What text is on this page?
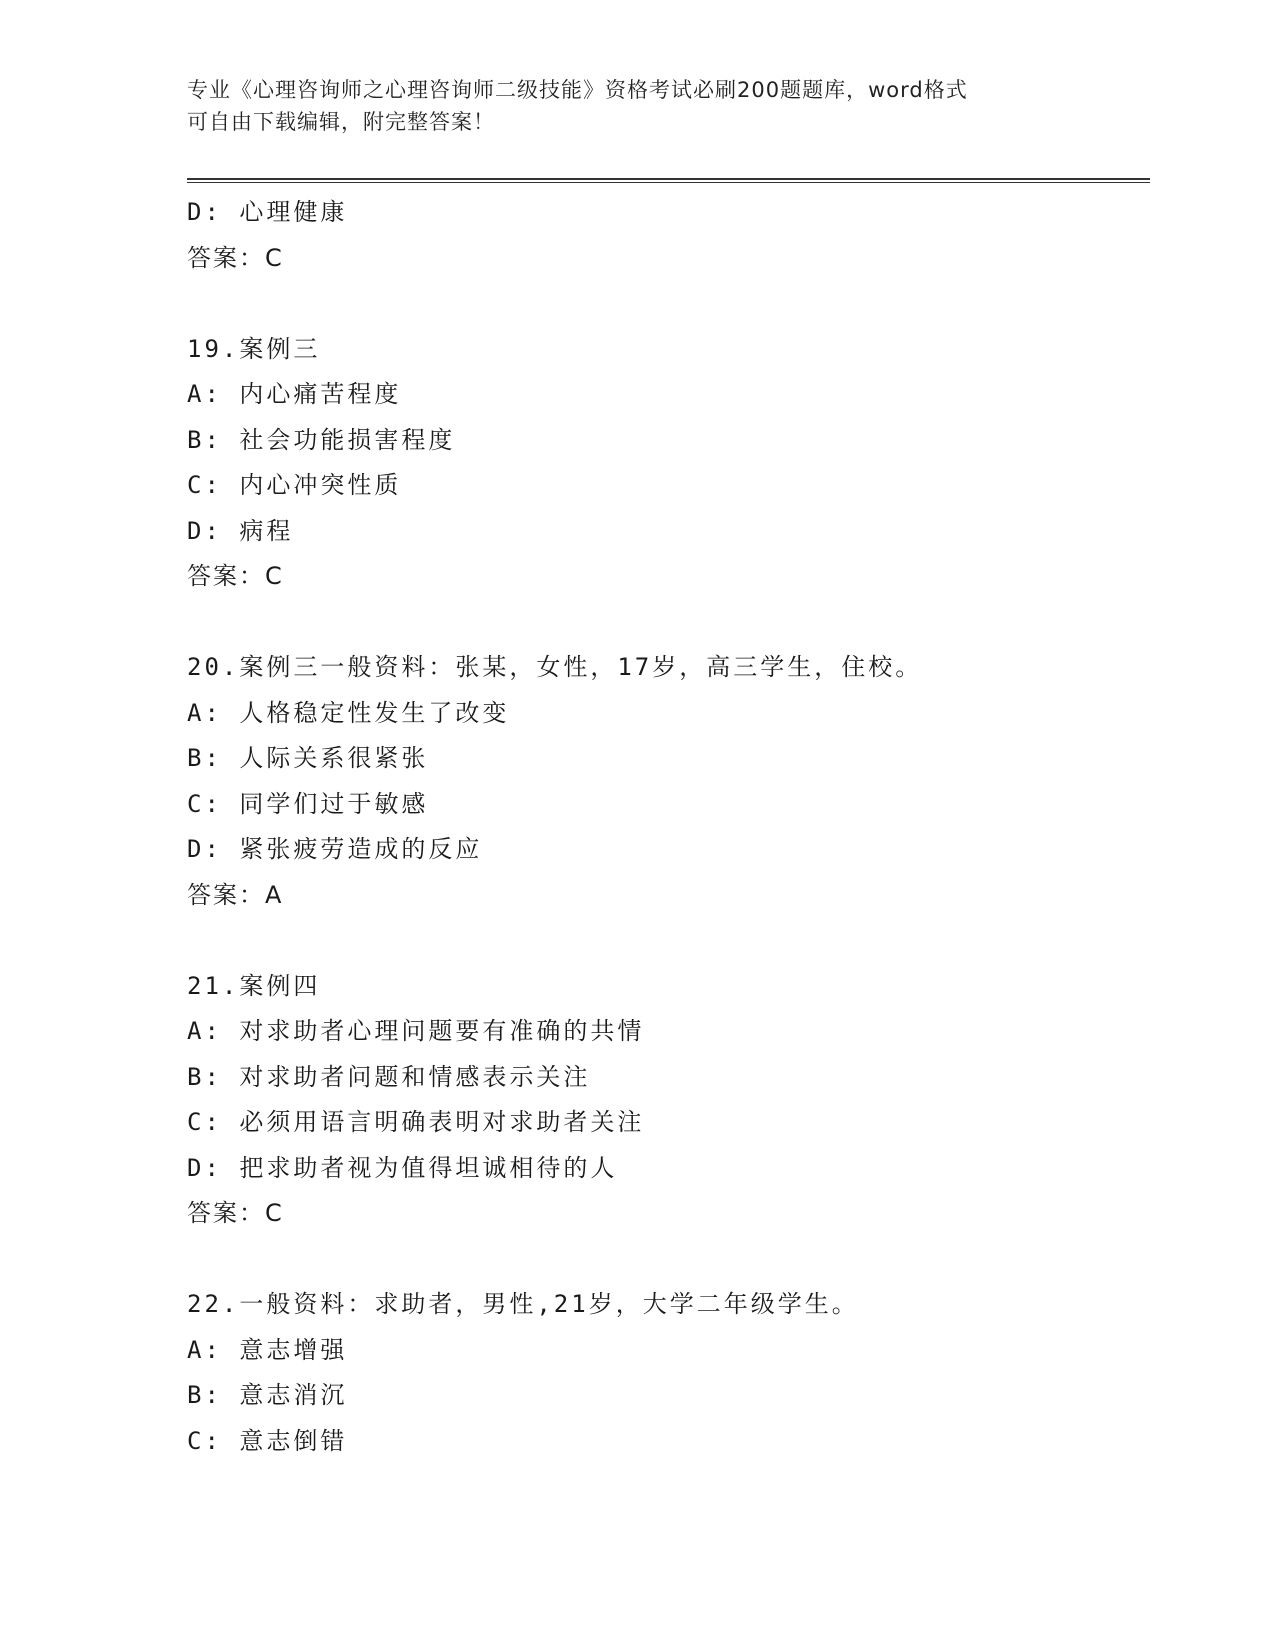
专业《心理咨询师之心理咨询师二级技能》资格考试必刷200题题库，word格式
可自由下载编辑，附完整答案！
D: 心理健康
答案：C
19.案例三
A: 内心痛苦程度
B: 社会功能损害程度
C: 内心冲突性质
D: 病程
答案：C
20.案例三一般资料：张某，女性，17岁，高三学生，住校。
A: 人格稳定性发生了改变
B: 人际关系很紧张
C: 同学们过于敏感
D: 紧张疲劳造成的反应
答案：A
21.案例四
A: 对求助者心理问题要有准确的共情
B: 对求助者问题和情感表示关注
C: 必须用语言明确表明对求助者关注
D: 把求助者视为值得坦诚相待的人
答案：C
22.一般资料：求助者，男性,21岁，大学二年级学生。
A: 意志增强
B: 意志消沉
C: 意志倒错
